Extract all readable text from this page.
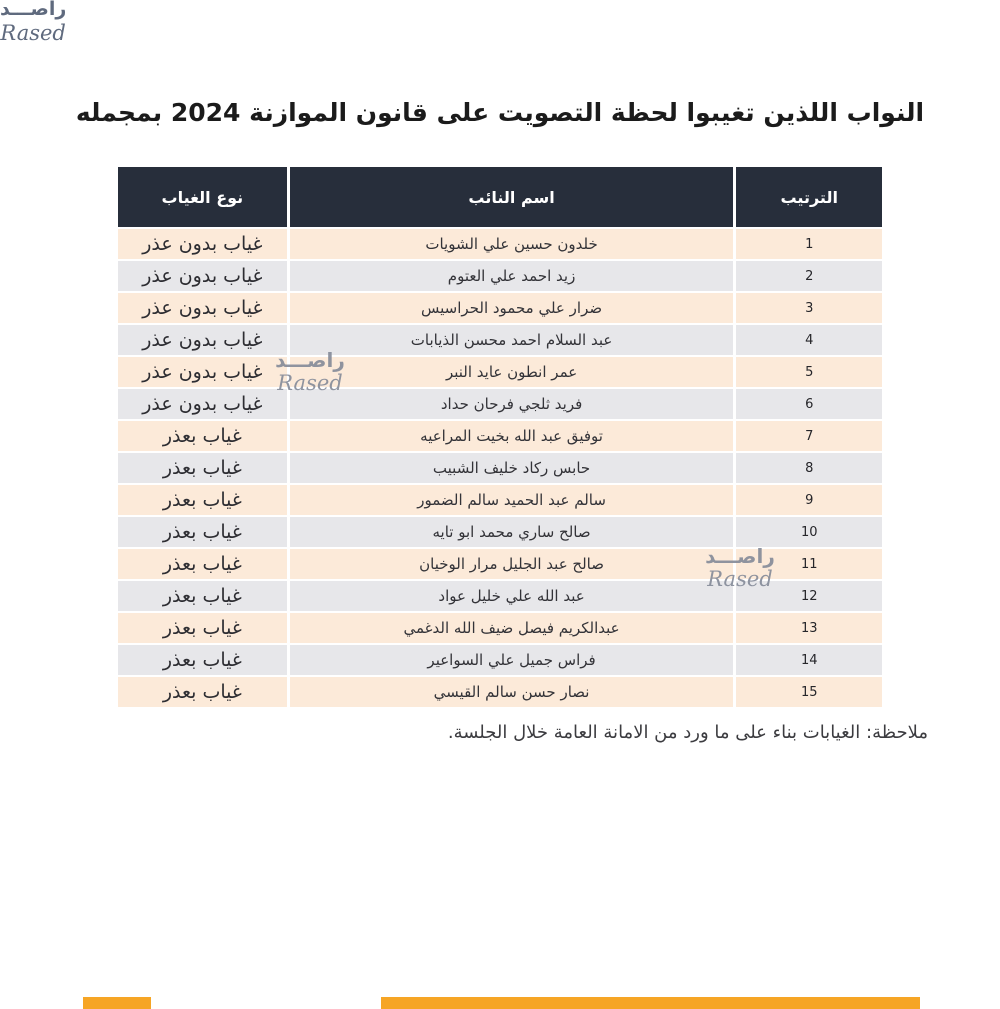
راصـــد
Rased
النواب اللذين تغيبوا لحظة التصويت على قانون الموازنة 2024 بمجمله
الترتيب	اسم النائب	نوع الغياب
1	خلدون حسين علي الشويات	غياب بدون عذر
2	زيد احمد علي العتوم	غياب بدون عذر
3	ضرار علي محمود الحراسيس	غياب بدون عذر
4	عبد السلام احمد محسن الذيابات	غياب بدون عذر
5	عمر انطون عايد النبر	غياب بدون عذر
6	فريد ثلجي فرحان حداد	غياب بدون عذر
7	توفيق عبد الله بخيت المراعيه	غياب بعذر
8	حابس ركاد خليف الشبيب	غياب بعذر
9	سالم عبد الحميد سالم الضمور	غياب بعذر
10	صالح ساري محمد ابو تايه	غياب بعذر
11	صالح عبد الجليل مرار الوخيان	غياب بعذر
12	عبد الله علي خليل عواد	غياب بعذر
13	عبدالكريم فيصل ضيف الله الدغمي	غياب بعذر
14	فراس جميل علي السواعير	غياب بعذر
15	نصار حسن سالم القيسي	غياب بعذر
راصـــد
Rased
راصـــد
Rased
ملاحظة: الغيابات بناء على ما ورد من الامانة العامة خلال الجلسة.
